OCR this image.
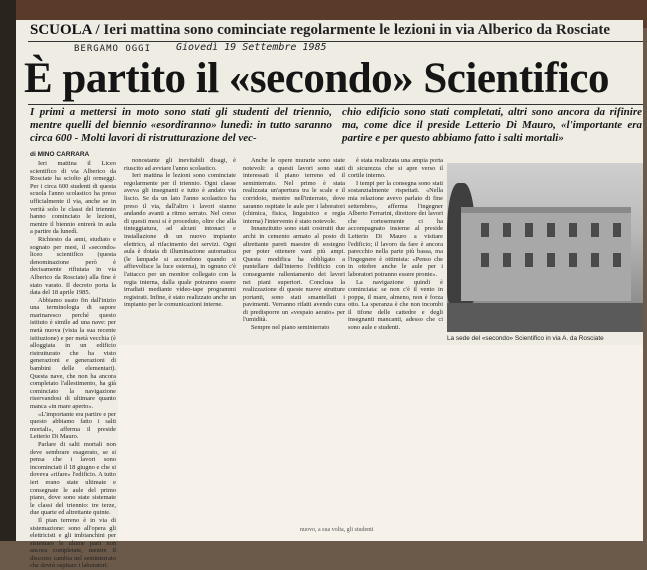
SCUOLA / Ieri mattina sono cominciate regolarmente le lezioni in via Alberico da Rosciate
BERGAMO OGGI Giovedì 19 Settembre 1985
È partito il «secondo» Scientifico
I primi a mettersi in moto sono stati gli studenti del triennio, mentre quelli del biennio «esordiranno» lunedì: in tutto saranno circa 600 - Molti lavori di ristrutturazione del vec-
chio edificio sono stati completati, altri sono ancora da rifinire ma, come dice il preside Letterio Di Mauro, «l'importante era partire e per questo abbiamo fatto i salti mortali»
di MINO CARRARA

Ieri mattina il Liceo scientifico di via Alberico da Rosciate ha sciolto gli ormeggi. Per i circa 600 studenti di questa scuola l'anno scolastico ha preso ufficialmente il via, anche se in verità solo le classi del triennio hanno cominciato le lezioni, mentre il biennio entrerà in aula a partire da lunedì.

Richiesto da anni, studiato e sognato per mesi, il «secondo» liceo scientifico (questa denominazione però è decisamente rifiutata in via Alberico da Rosciate) alla fine è stato varato. Il decreto porta la data del 18 aprile 1985.

Abbiamo usato fin dall'inizio una terminologia di sapore marinaresco perché questo istituto è simile ad una nave: per metà nuova (vista la sua recente istituzione) e per metà vecchia (è alloggiata in un edificio ristrutturato che ha visto generazioni e generazioni di bambini delle elementari). Questa nave, che non ha ancora completato l'allestimento, ha già cominciato la navigazione riservandosi di ultimare quanto manca «in mare aperto».

«L'importante era partire e per questo abbiamo fatto i salti mortali», afferma il preside Letterio Di Mauro.

Parlare di salti mortali non deve sembrare esagerato, se si pensa che i lavori sono incominciati il 18 giugno e che si doveva «rifare» l'edificio. A tutto ieri erano state ultimate e consegnate le aule del primo piano, dove sono state sistemate le classi del triennio: tre terze, due quarte ed altrettante quinte.

Il pian terreno è in via di sistemazione: sono all'opera gli elettricisti e gli imbianchini per sistemare le ultime parti non ancora completate, mentre il discorso cambia nel seminterrato che dovrà ospitare i laboratori.

nonostante gli inevitabili disagi, è riuscito ad avviare l'anno scolastico.

Ieri mattina le lezioni sono cominciate regolarmente per il triennio. Ogni classe aveva gli insegnanti e tutto è andato via liscio. Se da un lato l'anno scolastico ha preso il via, dall'altro i lavori stanno andando avanti a ritmo serrato. Nel corso di questi mesi si è proceduto, oltre che alla tinteggiatura, ad alcuni intonaci e installazione di un nuovo impianto elettrico, al rifacimento dei servizi. Ogni aula è dotata di illuminazione automatica (le lampade si accendono quando si affievolisce la luce esterna), in ognuno c'è l'attacco per un monitor collegato con la regia interna, dalla quale potranno essere irradiati mediante video-tape programmi registrati. Infine, è stato realizzato anche un impianto per le comunicazioni interne.

Anche le opere murarie sono state notevoli: a questi lavori sono stati interessati il piano terreno ed il seminterrato. Nel primo è stata realizzata un'apertura tra le scale e il corridoio, mentre nell'interrato, dove saranno ospitate le aule per i laboratori (chimica, fisica, linguistico e regia interna) l'intervento è stato notevole.

Innanzitutto sono stati costruiti due archi in cemento armato al posto di altrettante pareti maestre di sostegno per poter ottenere vani più ampi. Questa modifica ha obbligato a puntellare dall'interno l'edificio con conseguente rallentamento dei lavori nei piani superiori. Conclusa la realizzazione di queste nuove strutture portanti, sono stati smantellati i pavimenti. Verranno rifatti avendo cura di predisporre un «vespaio aerato» per l'umidità.

Sempre nel piano seminterrato

è stata realizzata una ampia porta di sicurezza che si apre verso il cortile interno.

I tempi per la consegna sono stati sostanzialmente rispettati. «Nella mia relazione avevo parlato di fine settembre», afferma l'ingegner Alberto Ferrarini, direttore dei lavori che cortesemente ci ha accompagnato insieme al preside Letterio Di Mauro a visitare l'edificio; il lavoro da fare è ancora parecchio nella parte più bassa, ma l'ingegnere è ottimista: «Penso che in ottobre anche le aule per i laboratori potranno essere pronte».

La navigazione quindi è cominciata: se non c'è il vento in poppa, il mare, almeno, non è forza otto. La speranza è che non incombi il tifone delle cattedre e degli insegnanti mancanti, adesso che ci sono aule e studenti.

La sede del «secondo» Scientifico in via A. da Rosciate
nuovo, a sua volta, gli studenti
